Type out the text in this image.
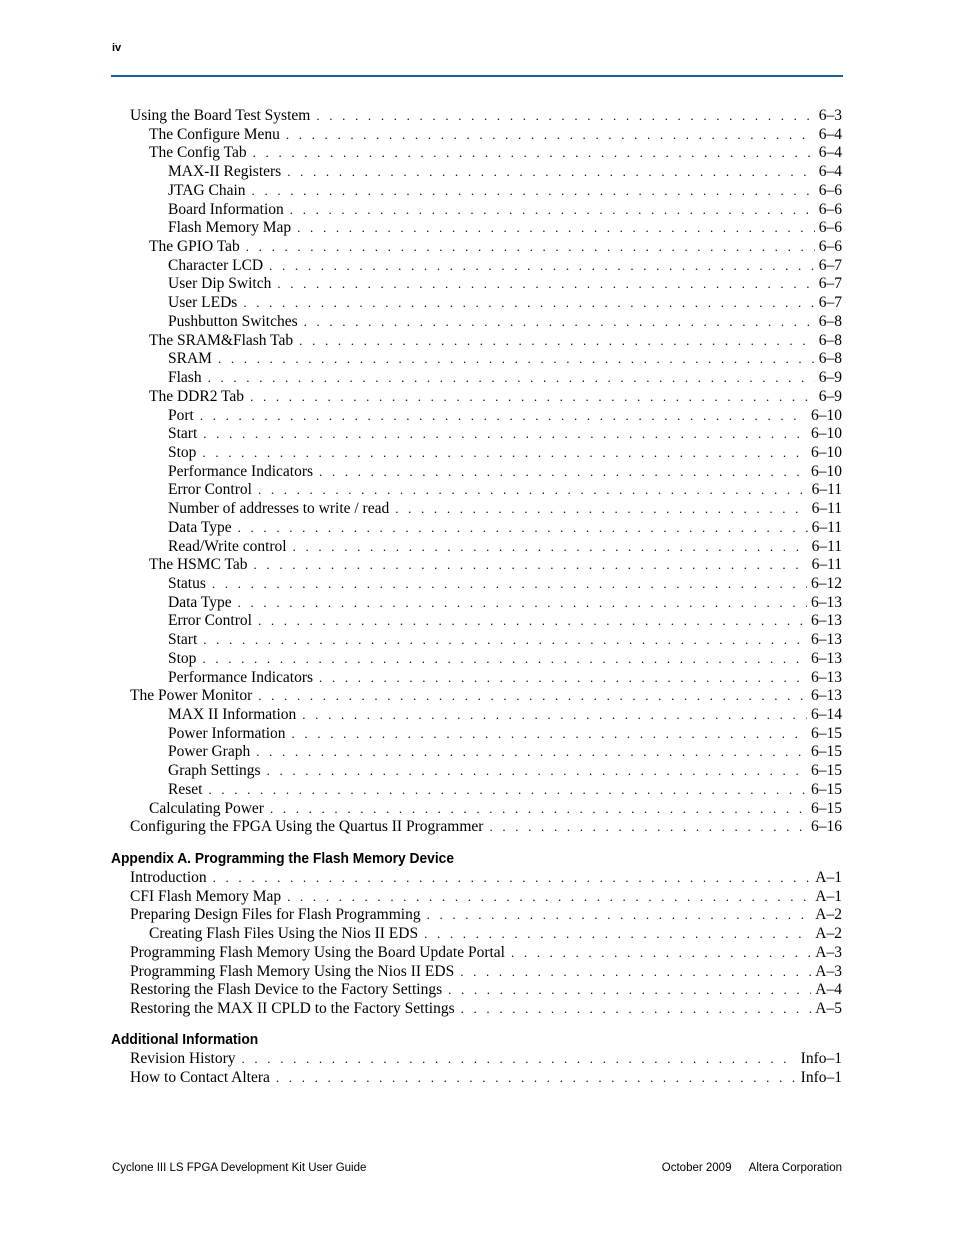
iv
Using the Board Test System . . .	6–3
The Configure Menu . . .	6–4
The Config Tab . . .	6–4
MAX-II Registers . . .	6–4
JTAG Chain . . .	6–6
Board Information . . .	6–6
Flash Memory Map . . .	6–6
The GPIO Tab . . .	6–6
Character LCD . . .	6–7
User Dip Switch . . .	6–7
User LEDs . . .	6–7
Pushbutton Switches . . .	6–8
The SRAM&Flash Tab . . .	6–8
SRAM . . .	6–8
Flash . . .	6–9
The DDR2 Tab . . .	6–9
Port . . .	6–10
Start . . .	6–10
Stop . . .	6–10
Performance Indicators . . .	6–10
Error Control . . .	6–11
Number of addresses to write / read . . .	6–11
Data Type . . .	6–11
Read/Write control . . .	6–11
The HSMC Tab . . .	6–11
Status . . .	6–12
Data Type . . .	6–13
Error Control . . .	6–13
Start . . .	6–13
Stop . . .	6–13
Performance Indicators . . .	6–13
The Power Monitor . . .	6–13
MAX II Information . . .	6–14
Power Information . . .	6–15
Power Graph . . .	6–15
Graph Settings . . .	6–15
Reset . . .	6–15
Calculating Power . . .	6–15
Configuring the FPGA Using the Quartus II Programmer . . .	6–16
Appendix A. Programming the Flash Memory Device
Introduction . . .	A–1
CFI Flash Memory Map . . .	A–1
Preparing Design Files for Flash Programming . . .	A–2
Creating Flash Files Using the Nios II EDS . . .	A–2
Programming Flash Memory Using the Board Update Portal . . .	A–3
Programming Flash Memory Using the Nios II EDS . . .	A–3
Restoring the Flash Device to the Factory Settings . . .	A–4
Restoring the MAX II CPLD to the Factory Settings . . .	A–5
Additional Information
Revision History . . .	Info–1
How to Contact Altera . . .	Info–1
Cyclone III LS FPGA Development Kit User Guide	October 2009 Altera Corporation
